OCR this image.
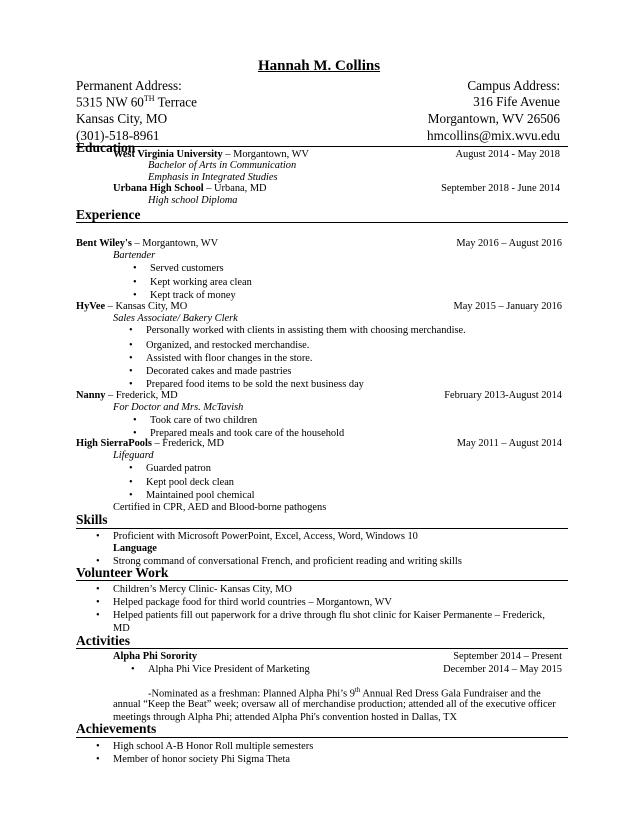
Hannah M. Collins
Permanent Address:
5315 NW 60TH Terrace
Kansas City, MO
(301)-518-8961
Campus Address:
316 Fife Avenue
Morgantown, WV 26506
hmcollins@mix.wvu.edu
Education
West Virginia University – Morgantown, WV	August 2014 - May 2018
Bachelor of Arts in Communication
Emphasis in Integrated Studies
Urbana High School – Urbana, MD	September 2018 - June 2014
High school Diploma
Experience
Bent Wiley's – Morgantown, WV	May 2016 – August 2016
Bartender
• Served customers
• Kept working area clean
• Kept track of money
HyVee – Kansas City, MO	May 2015 – January 2016
Sales Associate/ Bakery Clerk
• Personally worked with clients in assisting them with choosing merchandise.
• Organized, and restocked merchandise.
• Assisted with floor changes in the store.
• Decorated cakes and made pastries
• Prepared food items to be sold the next business day
Nanny – Frederick, MD	February 2013-August 2014
For Doctor and Mrs. McTavish
• Took care of two children
• Prepared meals and took care of the household
High SierraPools – Frederick, MD	May 2011 – August 2014
Lifeguard
• Guarded patron
• Kept pool deck clean
• Maintained pool chemical
Certified in CPR, AED and Blood-borne pathogens
Skills
• Proficient with Microsoft PowerPoint, Excel, Access, Word, Windows 10
Language
• Strong command of conversational French, and proficient reading and writing skills
Volunteer Work
• Children’s Mercy Clinic- Kansas City, MO
• Helped package food for third world countries – Morgantown, WV
• Helped patients fill out paperwork for a drive through flu shot clinic for Kaiser Permanente – Frederick,
MD
Activities
Alpha Phi Sorority	September 2014 – Present
• Alpha Phi Vice President of Marketing	December 2014 – May 2015
-Nominated as a freshman: Planned Alpha Phi’s 9th Annual Red Dress Gala Fundraiser and the
annual “Keep the Beat” week; oversaw all of merchandise production; attended all of the executive officer
meetings through Alpha Phi; attended Alpha Phi's convention hosted in Dallas, TX
Achievements
• High school A-B Honor Roll multiple semesters
• Member of honor society Phi Sigma Theta
